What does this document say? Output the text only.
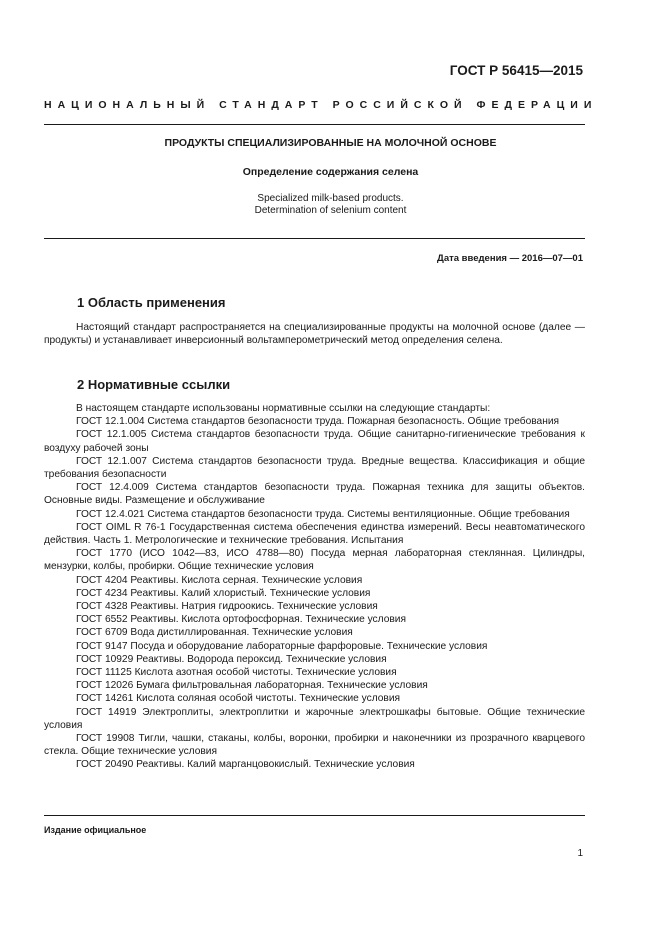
ГОСТ Р 56415—2015
НАЦИОНАЛЬНЫЙ СТАНДАРТ РОССИЙСКОЙ ФЕДЕРАЦИИ
ПРОДУКТЫ СПЕЦИАЛИЗИРОВАННЫЕ НА МОЛОЧНОЙ ОСНОВЕ
Определение содержания селена
Specialized milk-based products.
Determination of selenium content
Дата введения — 2016—07—01
1 Область применения
Настоящий стандарт распространяется на специализированные продукты на молочной основе (далее — продукты) и устанавливает инверсионный вольтамперометрический метод определения селена.
2 Нормативные ссылки

В настоящем стандарте использованы нормативные ссылки на следующие стандарты:

ГОСТ 12.1.004 Система стандартов безопасности труда. Пожарная безопасность. Общие требования

ГОСТ 12.1.005 Система стандартов безопасности труда. Общие санитарно-гигиенические требования к воздуху рабочей зоны

ГОСТ 12.1.007 Система стандартов безопасности труда. Вредные вещества. Классификация и общие требования безопасности

ГОСТ 12.4.009 Система стандартов безопасности труда. Пожарная техника для защиты объектов. Основные виды. Размещение и обслуживание

ГОСТ 12.4.021 Система стандартов безопасности труда. Системы вентиляционные. Общие требования

ГОСТ OIML R 76-1 Государственная система обеспечения единства измерений. Весы неавтоматического действия. Часть 1. Метрологические и технические требования. Испытания

ГОСТ 1770 (ИСО 1042—83, ИСО 4788—80) Посуда мерная лабораторная стеклянная. Цилиндры, мензурки, колбы, пробирки. Общие технические условия

ГОСТ 4204 Реактивы. Кислота серная. Технические условия

ГОСТ 4234 Реактивы. Калий хлористый. Технические условия

ГОСТ 4328 Реактивы. Натрия гидроокись. Технические условия

ГОСТ 6552 Реактивы. Кислота ортофосфорная. Технические условия

ГОСТ 6709 Вода дистиллированная. Технические условия

ГОСТ 9147 Посуда и оборудование лабораторные фарфоровые. Технические условия

ГОСТ 10929 Реактивы. Водорода пероксид. Технические условия

ГОСТ 11125 Кислота азотная особой чистоты. Технические условия

ГОСТ 12026 Бумага фильтровальная лабораторная. Технические условия

ГОСТ 14261 Кислота соляная особой чистоты. Технические условия

ГОСТ 14919 Электроплиты, электроплитки и жарочные электрошкафы бытовые. Общие технические условия

ГОСТ 19908 Тигли, чашки, стаканы, колбы, воронки, пробирки и наконечники из прозрачного кварцевого стекла. Общие технические условия

ГОСТ 20490 Реактивы. Калий марганцовокислый. Технические условия

Издание официальное
1
